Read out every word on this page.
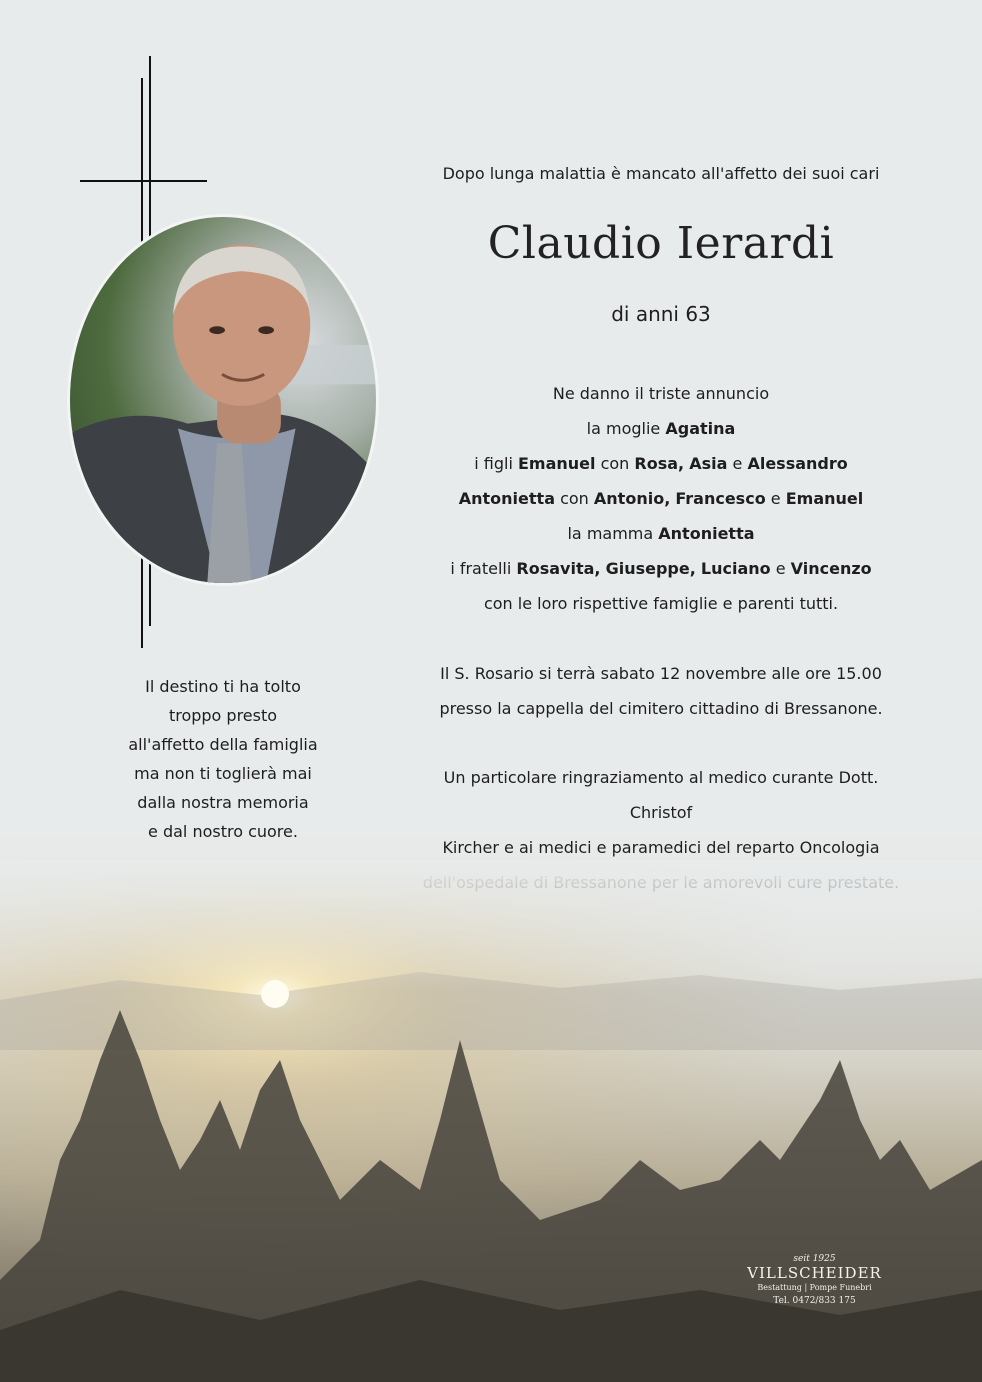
Dopo lunga malattia è mancato all'affetto dei suoi cari
Claudio Ierardi
di anni 63
Ne danno il triste annuncio
la moglie Agatina
i figli Emanuel con Rosa, Asia e Alessandro
Antonietta con Antonio, Francesco e Emanuel
la mamma Antonietta
i fratelli Rosavita, Giuseppe, Luciano e Vincenzo
con le loro rispettive famiglie e parenti tutti.
Il S. Rosario si terrà sabato 12 novembre alle ore 15.00
presso la cappella del cimitero cittadino di Bressanone.
Un particolare ringraziamento al medico curante Dott. Christof
Kircher e ai medici e paramedici del reparto Oncologia
Il destino ti ha tolto
troppo presto
all'affetto della famiglia
ma non ti toglierà mai
dalla nostra memoria
e dal nostro cuore.
seit 1925
VILLSCHEIDER
Bestattung | Pompe Funebri
Tel. 0472/833 175
